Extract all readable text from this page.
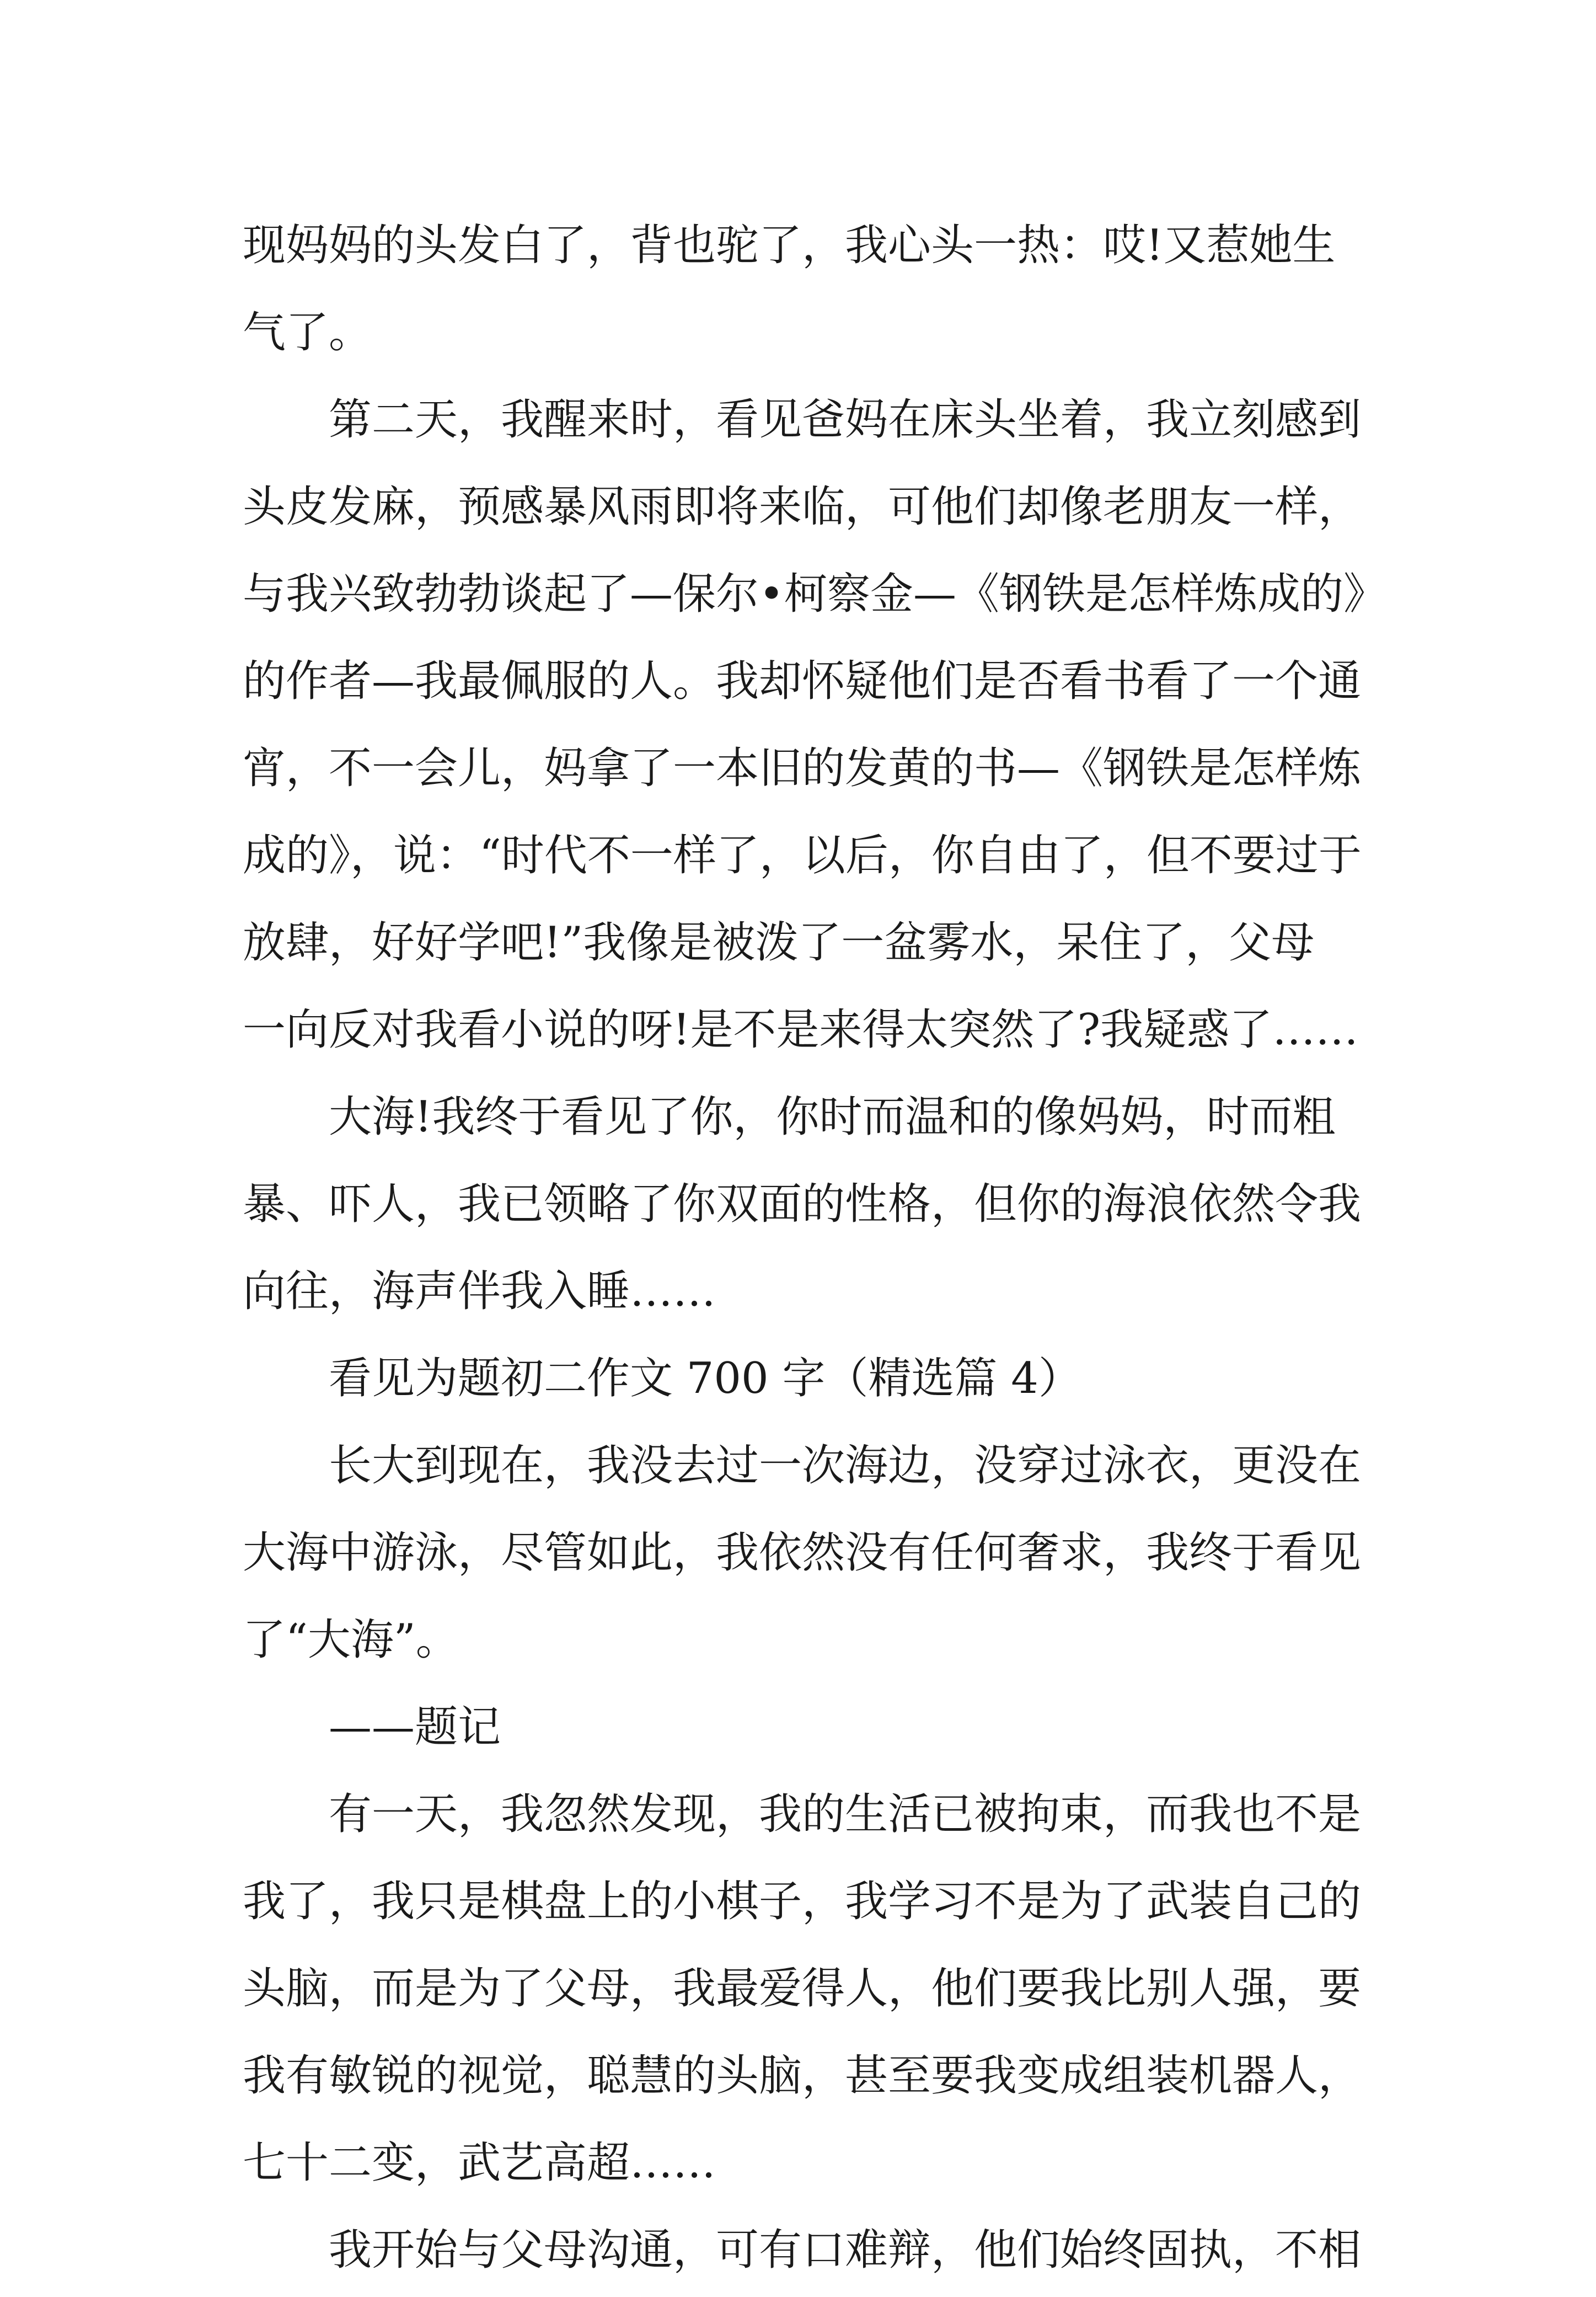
现妈妈的头发白了，背也驼了，我心头一热：哎!又惹她生
气了。
第二天，我醒来时，看见爸妈在床头坐着，我立刻感到
头皮发麻，预感暴风雨即将来临，可他们却像老朋友一样，
与我兴致勃勃谈起了—保尔•柯察金—《钢铁是怎样炼成的》
的作者—我最佩服的人。我却怀疑他们是否看书看了一个通
宵，不一会儿，妈拿了一本旧的发黄的书—《钢铁是怎样炼
成的》，说：“时代不一样了，以后，你自由了，但不要过于
放肆，好好学吧!”我像是被泼了一盆雾水，呆住了，父母
一向反对我看小说的呀!是不是来得太突然了?我疑惑了……
大海!我终于看见了你，你时而温和的像妈妈，时而粗
暴、吓人，我已领略了你双面的性格，但你的海浪依然令我
向往，海声伴我入睡……
看见为题初二作文 700 字（精选篇 4）
长大到现在，我没去过一次海边，没穿过泳衣，更没在
大海中游泳，尽管如此，我依然没有任何奢求，我终于看见
了“大海”。
——题记
有一天，我忽然发现，我的生活已被拘束，而我也不是
我了，我只是棋盘上的小棋子，我学习不是为了武装自己的
头脑，而是为了父母，我最爱得人，他们要我比别人强，要
我有敏锐的视觉，聪慧的头脑，甚至要我变成组装机器人，
七十二变，武艺高超……
我开始与父母沟通，可有口难辩，他们始终固执，不相
